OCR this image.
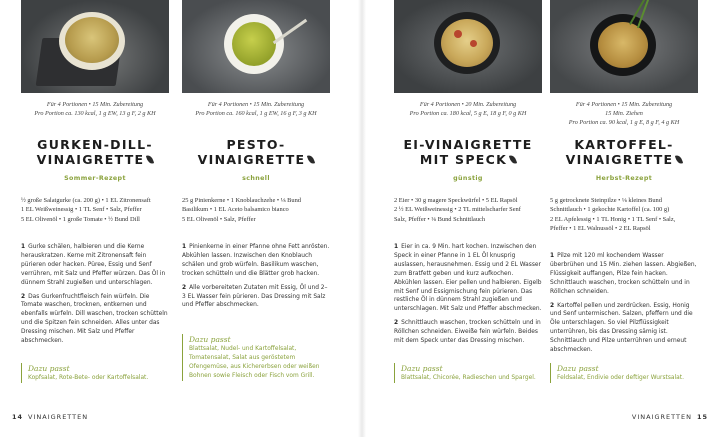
Für 4 Portionen • 15 Min. Zubereitung
Pro Portion ca. 130 kcal, 1 g EW, 13 g F, 2 g KH
GURKEN-DILL-
VINAIGRETTE
Sommer-Rezept
½ große Salatgurke (ca. 200 g) • 1 EL Zitronensaft
1 EL Weißweinessig • 1 TL Senf • Salz, Pfeffer
5 EL Olivenöl • 1 große Tomate • ½ Bund Dill
1 Gurke schälen, halbieren und die Kerne herauskratzen. Kerne mit Zitronensaft fein pürieren oder hacken. Püree, Essig und Senf verrühren, mit Salz und Pfeffer würzen. Das Öl in dünnem Strahl zugießen und unterschlagen.
2 Das Gurkenfruchtfleisch fein würfeln. Die Tomate waschen, trocknen, entkernen und ebenfalls würfeln. Dill waschen, trocken schütteln und die Spitzen fein schneiden. Alles unter das Dressing mischen. Mit Salz und Pfeffer abschmecken.
Dazu passt
Kopfsalat, Rote-Bete- oder Kartoffelsalat.
Für 4 Portionen • 15 Min. Zubereitung
Pro Portion ca. 160 kcal, 1 g EW, 16 g F, 3 g KH
PESTO-
VINAIGRETTE
schnell
25 g Pinienkerne • 1 Knoblauchzehe • ⅛ Bund
Basilikum • 1 EL Aceto balsamico bianco
5 EL Olivenöl • Salz, Pfeffer
1 Pinienkerne in einer Pfanne ohne Fett anrösten. Abkühlen lassen. Inzwischen den Knoblauch schälen und grob würfeln. Basilikum waschen, trocken schütteln und die Blätter grob hacken.
2 Alle vorbereiteten Zutaten mit Essig, Öl und 2–3 EL Wasser fein pürieren. Das Dressing mit Salz und Pfeffer abschmecken.
Dazu passt
Blattsalat, Nudel- und Kartoffelsalat, Tomatensalat, Salat aus geröstetem Ofengemüse, aus Kichererbsen oder weißen Bohnen sowie Fleisch oder Fisch vom Grill.
Für 4 Portionen • 20 Min. Zubereitung
Pro Portion ca. 180 kcal, 5 g E, 18 g F, 0 g KH
EI-VINAIGRETTE
MIT SPECK
günstig
2 Eier • 30 g magere Speckwürfel • 5 EL Rapsöl
2 ½ EL Weißweinessig • 2 TL mittelscharfer Senf
Salz, Pfeffer • ⅛ Bund Schnittlauch
1 Eier in ca. 9 Min. hart kochen. Inzwischen den Speck in einer Pfanne in 1 EL Öl knusprig auslassen, herausnehmen. Essig und 2 EL Wasser zum Bratfett geben und kurz aufkochen. Abkühlen lassen. Eier pellen und halbieren. Eigelb mit Senf und Essigmischung fein pürieren. Das restliche Öl in dünnem Strahl zugießen und unterschlagen. Mit Salz und Pfeffer abschmecken.
2 Schnittlauch waschen, trocken schütteln und in Röllchen schneiden. Eiweiße fein würfeln. Beides mit dem Speck unter das Dressing mischen.
Dazu passt
Blattsalat, Chicorée, Radieschen und Spargel.
Für 4 Portionen • 15 Min. Zubereitung
15 Min. Ziehen
Pro Portion ca. 90 kcal, 1 g E, 8 g F, 4 g KH
KARTOFFEL-
VINAIGRETTE
Herbst-Rezept
5 g getrocknete Steinpilze • ⅛ kleines Bund
Schnittlauch • 1 gekochte Kartoffel (ca. 100 g)
2 EL Apfelessig • 1 TL Honig • 1 TL Senf • Salz,
Pfeffer • 1 EL Walnussöl • 2 EL Rapsöl
1 Pilze mit 120 ml kochendem Wasser überbrühen und 15 Min. ziehen lassen. Abgießen, Flüssigkeit auffangen, Pilze fein hacken. Schnittlauch waschen, trocken schütteln und in Röllchen schneiden.
2 Kartoffel pellen und zerdrücken. Essig, Honig und Senf untermischen. Salzen, pfeffern und die Öle unterschlagen. So viel Pilzflüssigkeit unterrühren, bis das Dressing sämig ist. Schnittlauch und Pilze unterrühren und erneut abschmecken.
Dazu passt
Feldsalat, Endivie oder deftiger Wurstsalat.
14 VINAIGRETTEN	VINAIGRETTEN 15
